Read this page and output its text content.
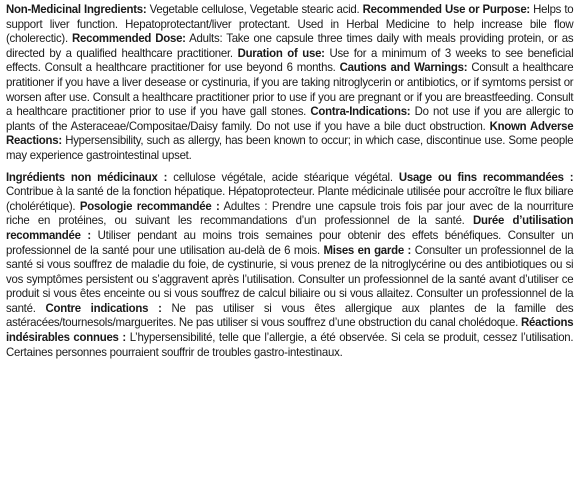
Non-Medicinal Ingredients: Vegetable cellulose, Vegetable stearic acid. Recommended Use or Purpose: Helps to support liver function. Hepatoprotectant/liver protectant. Used in Herbal Medicine to help increase bile flow (cholerectic). Recommended Dose: Adults: Take one capsule three times daily with meals providing protein, or as directed by a qualified healthcare practitioner. Duration of use: Use for a minimum of 3 weeks to see beneficial effects. Consult a healthcare practitioner for use beyond 6 months. Cautions and Warnings: Consult a healthcare pratitioner if you have a liver desease or cystinuria, if you are taking nitroglycerin or antibiotics, or if symtoms persist or worsen after use. Consult a healthcare practitioner prior to use if you are pregnant or if you are breastfeeding. Consult a healthcare practitioner prior to use if you have gall stones. Contra-Indications: Do not use if you are allergic to plants of the Asteraceae/Compositae/Daisy family. Do not use if you have a bile duct obstruction. Known Adverse Reactions: Hypersensibility, such as allergy, has been known to occur; in which case, discontinue use. Some people may experience gastrointestinal upset.

Ingrédients non médicinaux : cellulose végétale, acide stéarique végétal. Usage ou fins recommandées : Contribue à la santé de la fonction hépatique. Hépatoprotecteur. Plante médicinale utilisée pour accroître le flux biliare (cholérétique). Posologie recommandée : Adultes : Prendre une capsule trois fois par jour avec de la nourriture riche en protéines, ou suivant les recommandations d’un professionnel de la santé. Durée d’utilisation recommandée : Utiliser pendant au moins trois semaines pour obtenir des effets bénéfiques. Consulter un professionnel de la santé pour une utilisation au-delà de 6 mois. Mises en garde : Consulter un professionnel de la santé si vous souffrez de maladie du foie, de cystinurie, si vous prenez de la nitroglycérine ou des antibiotiques ou si vos symptômes persistent ou s’aggravent après l’utilisation. Consulter un professionnel de la santé avant d’utiliser ce produit si vous êtes enceinte ou si vous souffrez de calcul biliaire ou si vous allaitez. Consulter un professionnel de la santé. Contre indications : Ne pas utiliser si vous êtes allergique aux plantes de la famille des astéracées/tournesols/marguerites. Ne pas utiliser si vous souffrez d’une obstruction du canal cholédoque. Réactions indésirables connues : L’hypersensibilité, telle que l’allergie, a été observée. Si cela se produit, cessez l’utilisation. Certaines personnes pourraient souffrir de troubles gastro-intestinaux.
